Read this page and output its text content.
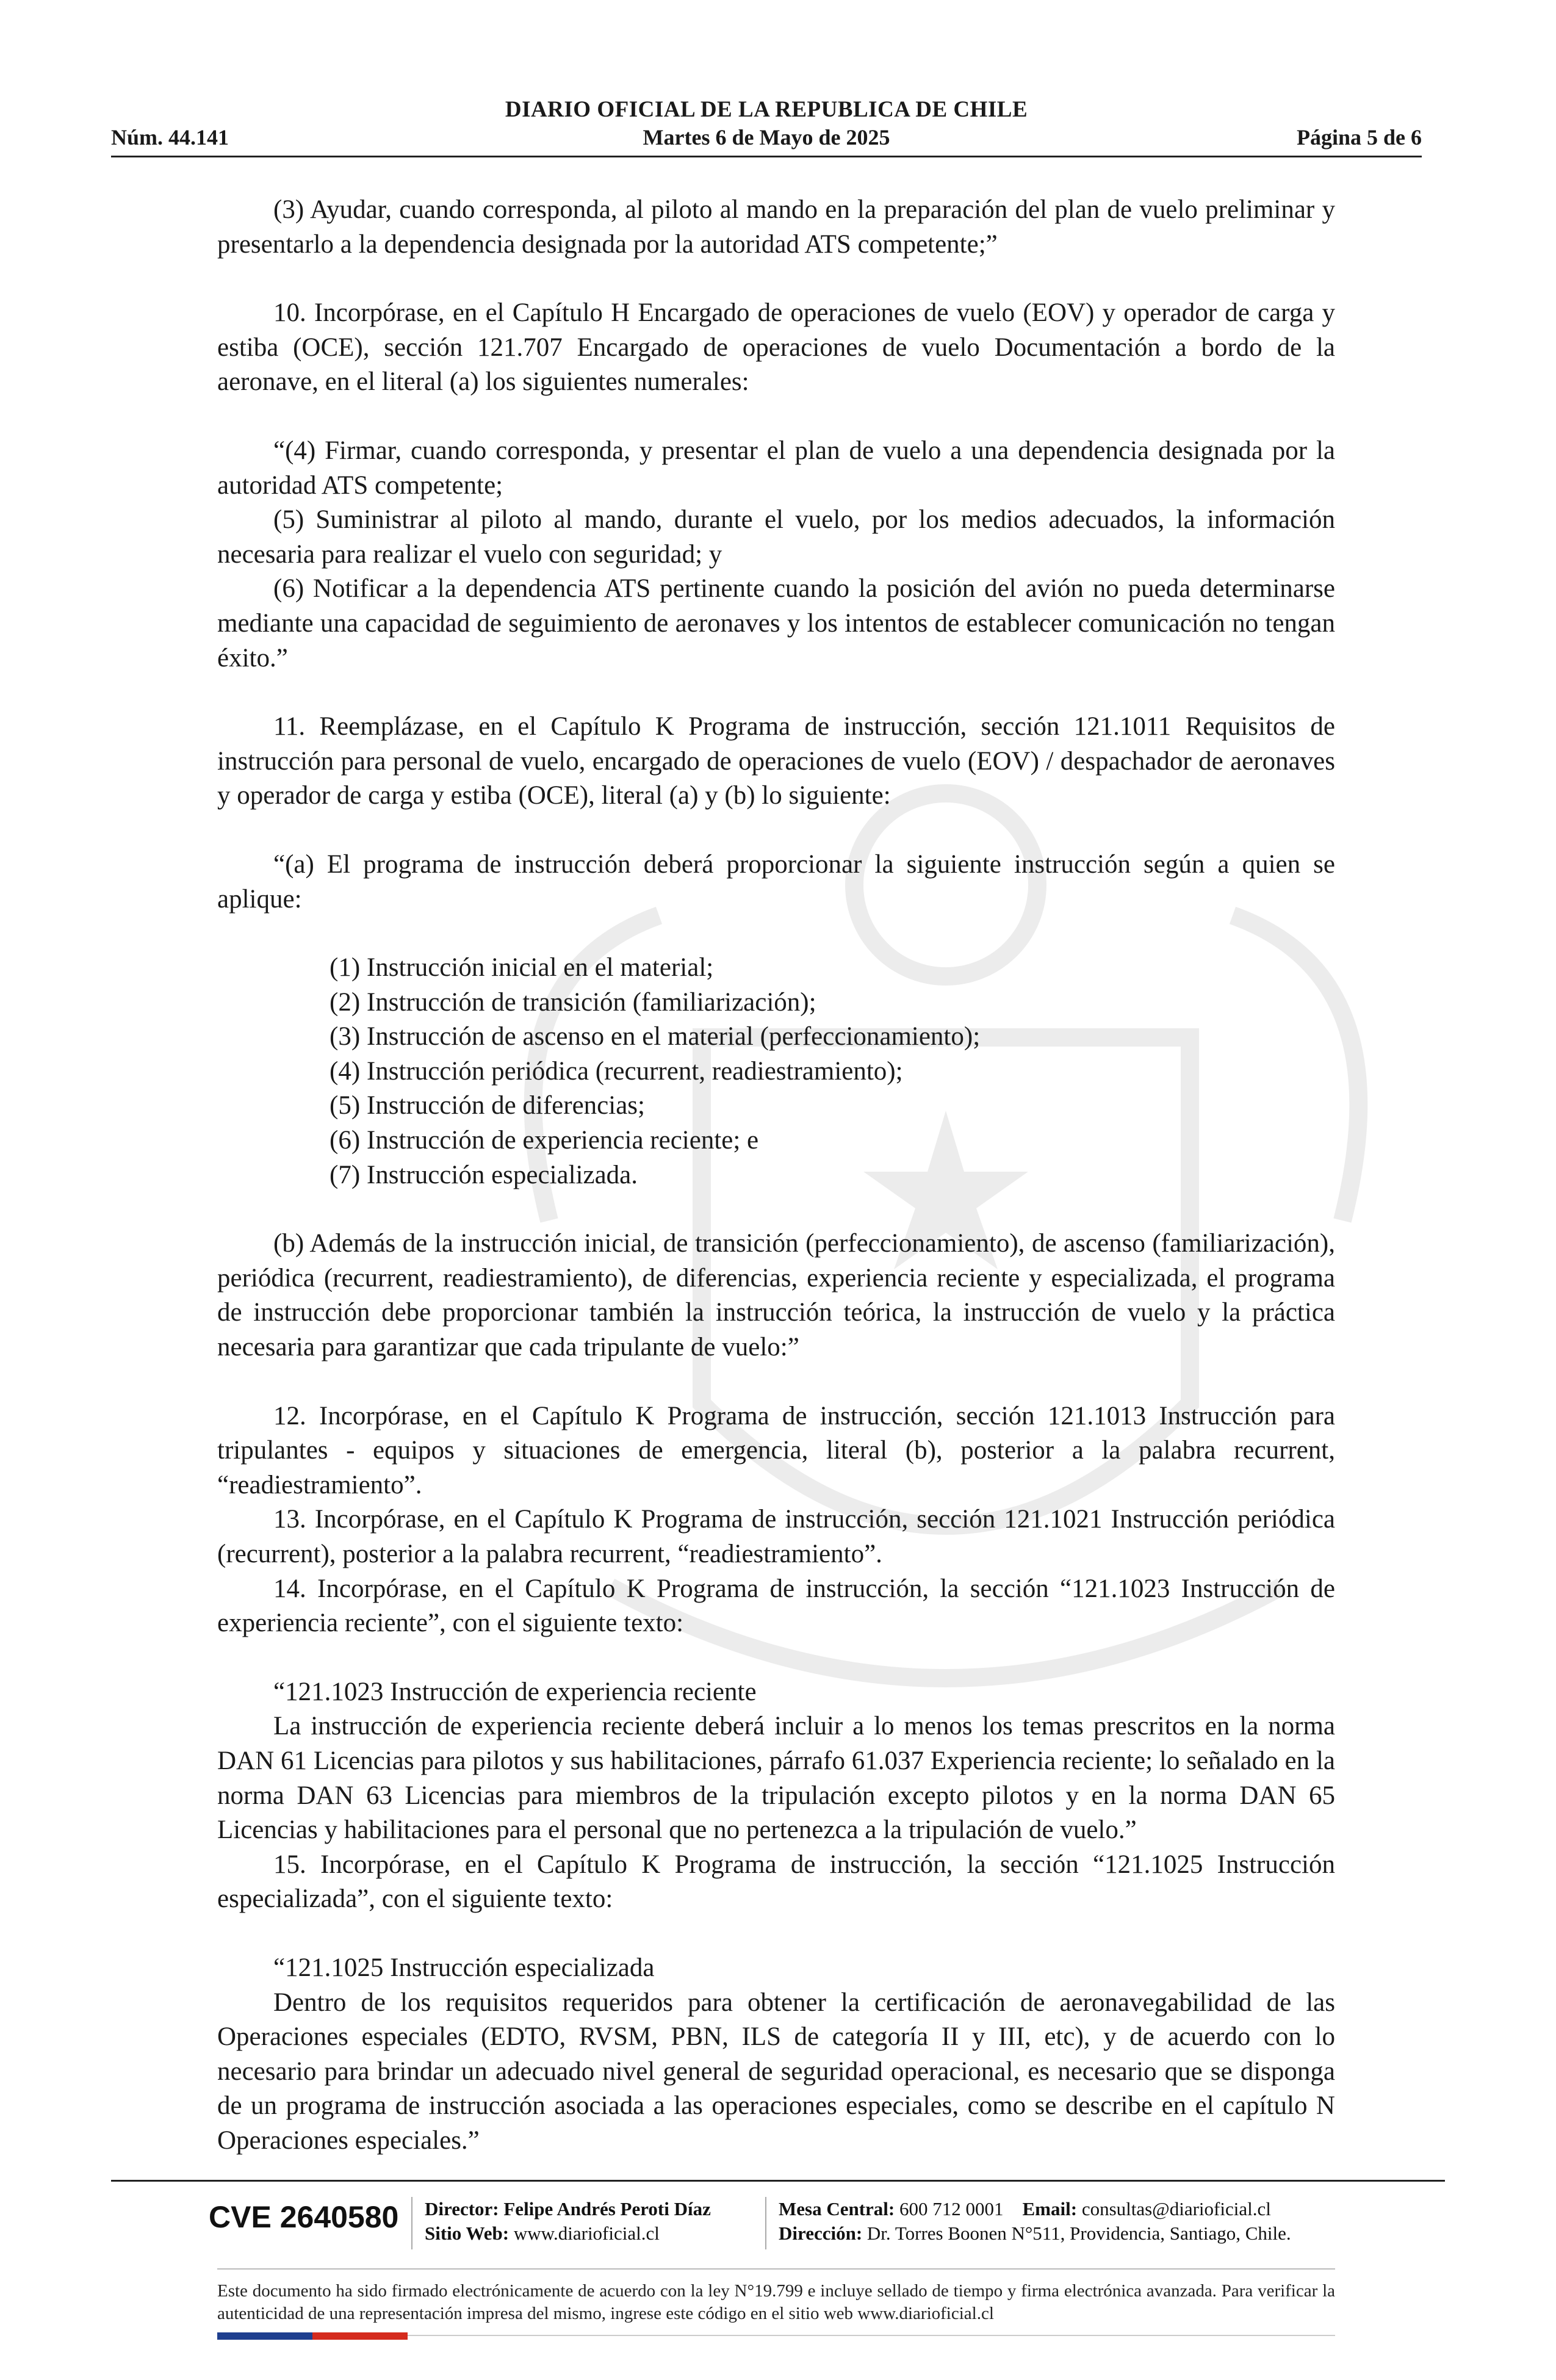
DIARIO OFICIAL DE LA REPUBLICA DE CHILE
Núm. 44.141	Martes 6 de Mayo de 2025	Página 5 de 6

(3) Ayudar, cuando corresponda, al piloto al mando en la preparación del plan de vuelo preliminar y presentarlo a la dependencia designada por la autoridad ATS competente;”

10. Incorpórase, en el Capítulo H Encargado de operaciones de vuelo (EOV) y operador de carga y estiba (OCE), sección 121.707 Encargado de operaciones de vuelo Documentación a bordo de la aeronave, en el literal (a) los siguientes numerales:

“(4) Firmar, cuando corresponda, y presentar el plan de vuelo a una dependencia designada por la autoridad ATS competente;

(5) Suministrar al piloto al mando, durante el vuelo, por los medios adecuados, la información necesaria para realizar el vuelo con seguridad; y

(6) Notificar a la dependencia ATS pertinente cuando la posición del avión no pueda determinarse mediante una capacidad de seguimiento de aeronaves y los intentos de establecer comunicación no tengan éxito.”

11. Reemplázase, en el Capítulo K Programa de instrucción, sección 121.1011 Requisitos de instrucción para personal de vuelo, encargado de operaciones de vuelo (EOV) / despachador de aeronaves y operador de carga y estiba (OCE), literal (a) y (b) lo siguiente:

“(a) El programa de instrucción deberá proporcionar la siguiente instrucción según a quien se aplique:

(1) Instrucción inicial en el material;

(2) Instrucción de transición (familiarización);

(3) Instrucción de ascenso en el material (perfeccionamiento);

(4) Instrucción periódica (recurrent, readiestramiento);

(5) Instrucción de diferencias;

(6) Instrucción de experiencia reciente; e

(7) Instrucción especializada.

(b) Además de la instrucción inicial, de transición (perfeccionamiento), de ascenso (familiarización), periódica (recurrent, readiestramiento), de diferencias, experiencia reciente y especializada, el programa de instrucción debe proporcionar también la instrucción teórica, la instrucción de vuelo y la práctica necesaria para garantizar que cada tripulante de vuelo:”

12. Incorpórase, en el Capítulo K Programa de instrucción, sección 121.1013 Instrucción para tripulantes - equipos y situaciones de emergencia, literal (b), posterior a la palabra recurrent, “readiestramiento”.

13. Incorpórase, en el Capítulo K Programa de instrucción, sección 121.1021 Instrucción periódica (recurrent), posterior a la palabra recurrent, “readiestramiento”.

14. Incorpórase, en el Capítulo K Programa de instrucción, la sección “121.1023 Instrucción de experiencia reciente”, con el siguiente texto:

“121.1023 Instrucción de experiencia reciente

La instrucción de experiencia reciente deberá incluir a lo menos los temas prescritos en la norma DAN 61 Licencias para pilotos y sus habilitaciones, párrafo 61.037 Experiencia reciente; lo señalado en la norma DAN 63 Licencias para miembros de la tripulación excepto pilotos y en la norma DAN 65 Licencias y habilitaciones para el personal que no pertenezca a la tripulación de vuelo.”

15. Incorpórase, en el Capítulo K Programa de instrucción, la sección “121.1025 Instrucción especializada”, con el siguiente texto:

“121.1025 Instrucción especializada

Dentro de los requisitos requeridos para obtener la certificación de aeronavegabilidad de las Operaciones especiales (EDTO, RVSM, PBN, ILS de categoría II y III, etc), y de acuerdo con lo necesario para brindar un adecuado nivel general de seguridad operacional, es necesario que se disponga de un programa de instrucción asociada a las operaciones especiales, como se describe en el capítulo N Operaciones especiales.”

CVE 2640580 Director: Felipe Andrés Peroti Díaz
Sitio Web: www.diarioficial.cl
Mesa Central: 600 712 0001 Email: consultas@diarioficial.cl
Dirección: Dr. Torres Boonen N°511, Providencia, Santiago, Chile.
Este documento ha sido firmado electrónicamente de acuerdo con la ley N°19.799 e incluye sellado de tiempo y firma electrónica avanzada. Para verificar la autenticidad de una representación impresa del mismo, ingrese este código en el sitio web www.diarioficial.cl
